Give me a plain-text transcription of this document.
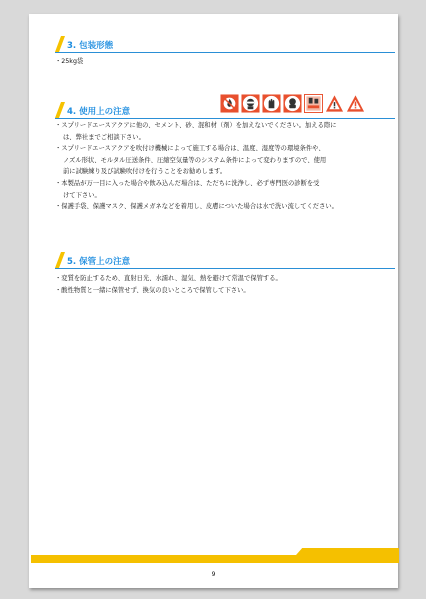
3. 包装形態

・25kg袋

4. 使用上の注意

・スプリードエースアクアに他の、セメント、砂、混和材（剤）を加えないでください。加える際に

は、弊社までご相談下さい。

・スプリードエースアクアを吹付け機械によって施工する場合は、温度、湿度等の環境条件や、

ノズル形状、モルタル圧送条件、圧縮空気量等のシステム条件によって変わりますので、使用

前に試験練り及び試験吹付けを行うことをお勧めします。

・本製品が万一目に入った場合や飲み込んだ場合は、ただちに洗浄し、必ず専門医の診断を受

けて下さい。

・保護手袋、保護マスク、保護メガネなどを着用し、皮膚についた場合は水で洗い流してください。

5. 保管上の注意

・変質を防止するため、直射日光、水濡れ、湿気、熱を避けて常温で保管する。

・酸性物質と一緒に保管せず、換気の良いところで保管して下さい。

9
